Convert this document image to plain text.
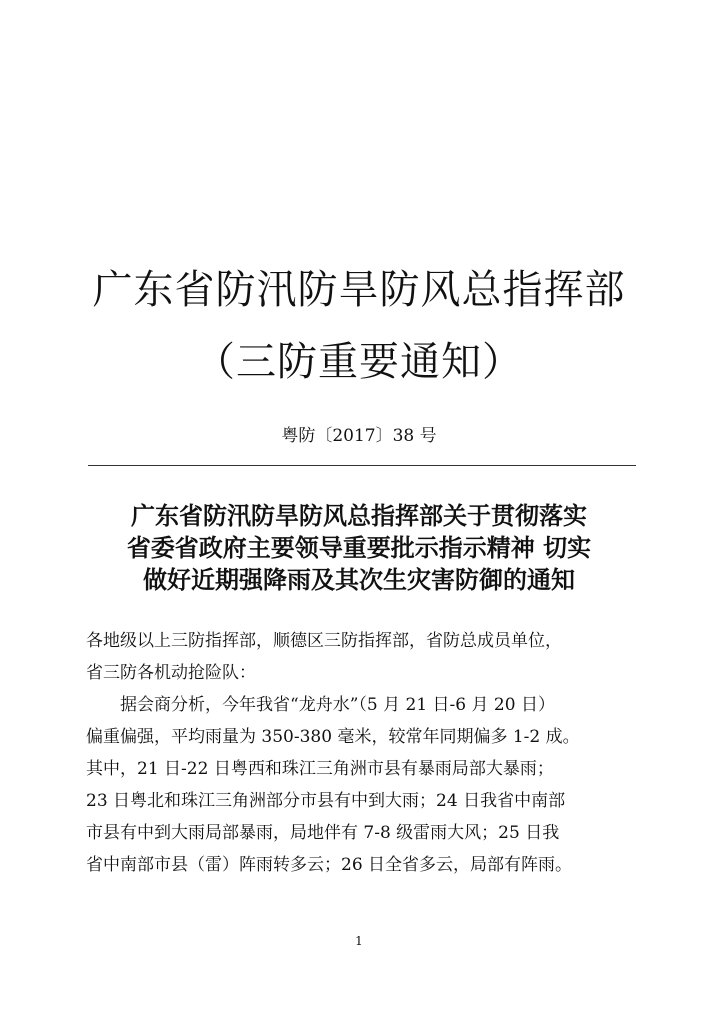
广东省防汛防旱防风总指挥部
（三防重要通知）
粤防〔2017〕38 号
广东省防汛防旱防风总指挥部关于贯彻落实
省委省政府主要领导重要批示指示精神 切实
做好近期强降雨及其次生灾害防御的通知
各地级以上三防指挥部，顺德区三防指挥部，省防总成员单位，
省三防各机动抢险队：
据会商分析，今年我省“龙舟水”（5 月 21 日-6 月 20 日）
偏重偏强，平均雨量为 350-380 毫米，较常年同期偏多 1-2 成。
其中，21 日-22 日粤西和珠江三角洲市县有暴雨局部大暴雨；
23 日粤北和珠江三角洲部分市县有中到大雨；24 日我省中南部
市县有中到大雨局部暴雨，局地伴有 7-8 级雷雨大风；25 日我
省中南部市县（雷）阵雨转多云；26 日全省多云，局部有阵雨。
1
